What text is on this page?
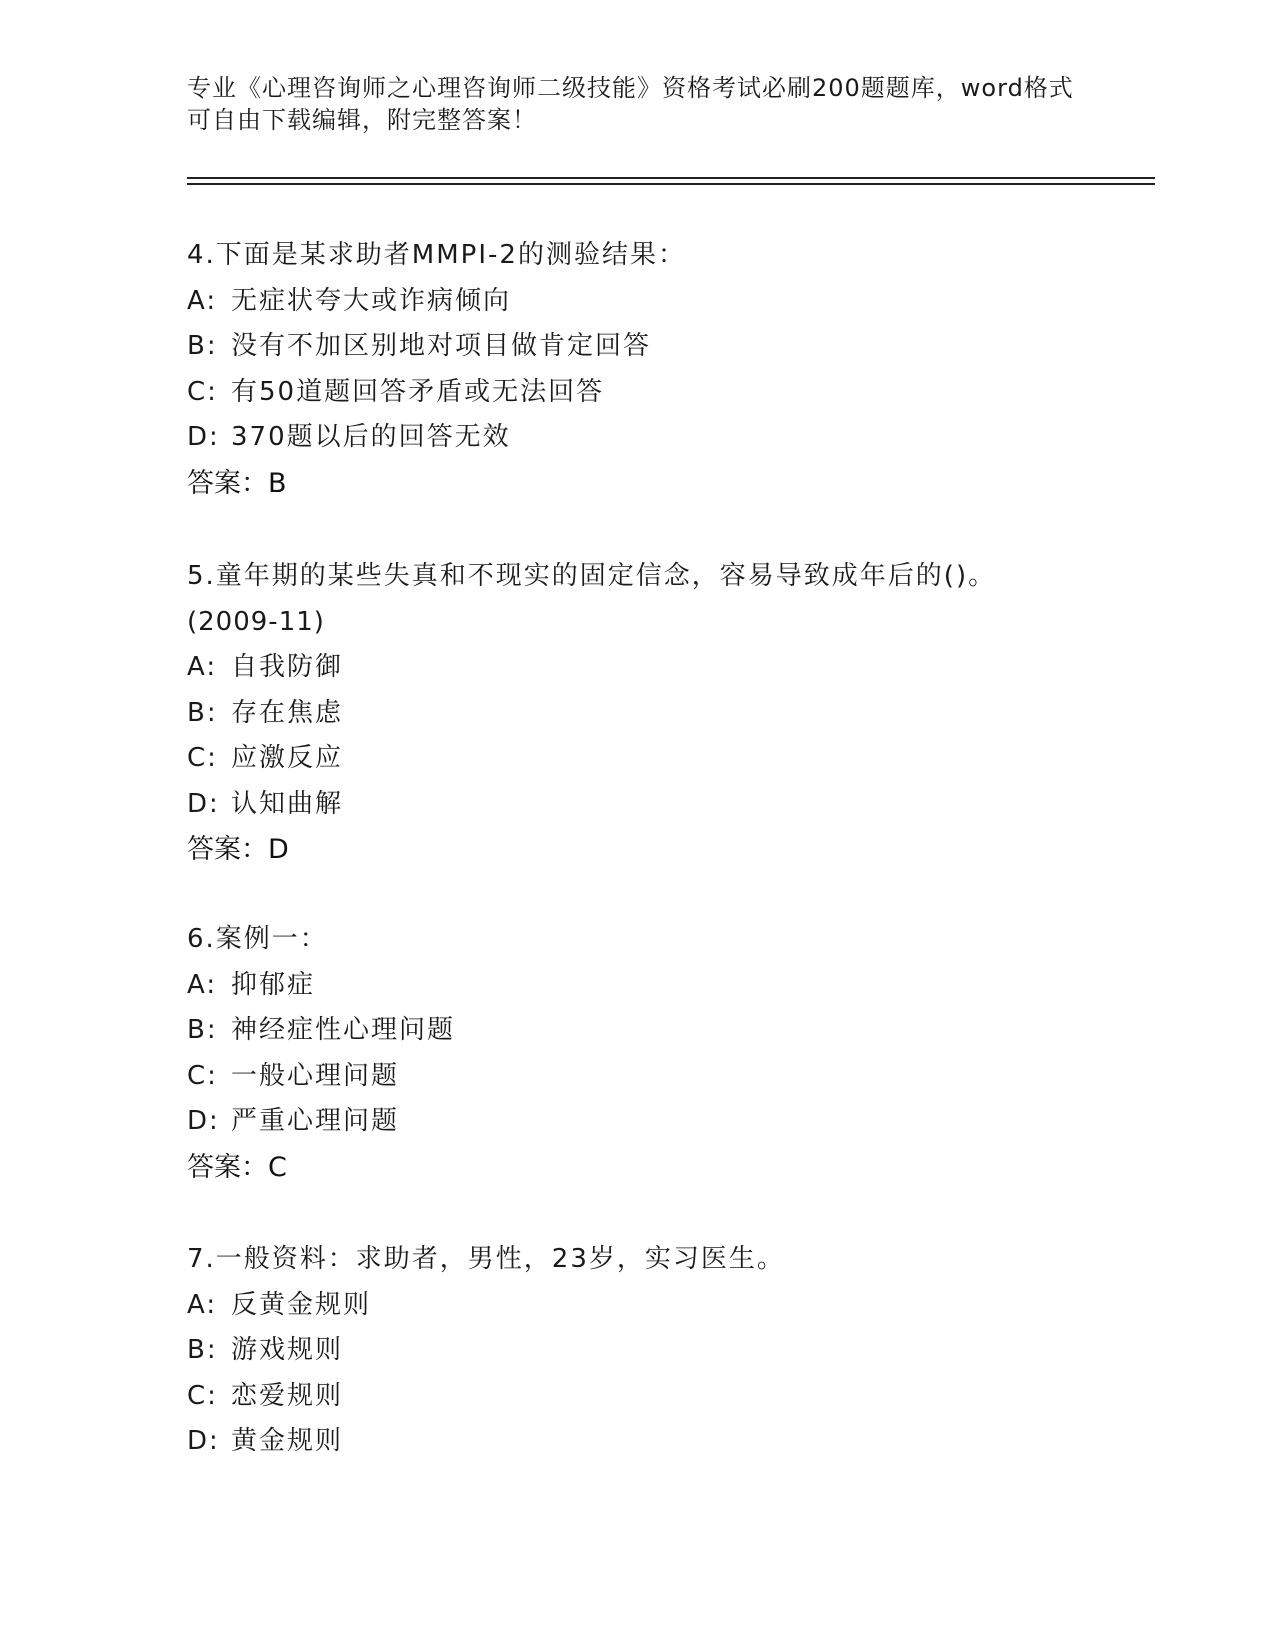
专业《心理咨询师之心理咨询师二级技能》资格考试必刷200题题库，word格式
可自由下载编辑，附完整答案！
4.下面是某求助者MMPI-2的测验结果：
A: 无症状夸大或诈病倾向
B: 没有不加区别地对项目做肯定回答
C: 有50道题回答矛盾或无法回答
D: 370题以后的回答无效
答案：B
5.童年期的某些失真和不现实的固定信念，容易导致成年后的()。
(2009-11)
A: 自我防御
B: 存在焦虑
C: 应激反应
D: 认知曲解
答案：D
6.案例一：
A: 抑郁症
B: 神经症性心理问题
C: 一般心理问题
D: 严重心理问题
答案：C
7.一般资料：求助者，男性，23岁，实习医生。
A: 反黄金规则
B: 游戏规则
C: 恋爱规则
D: 黄金规则
